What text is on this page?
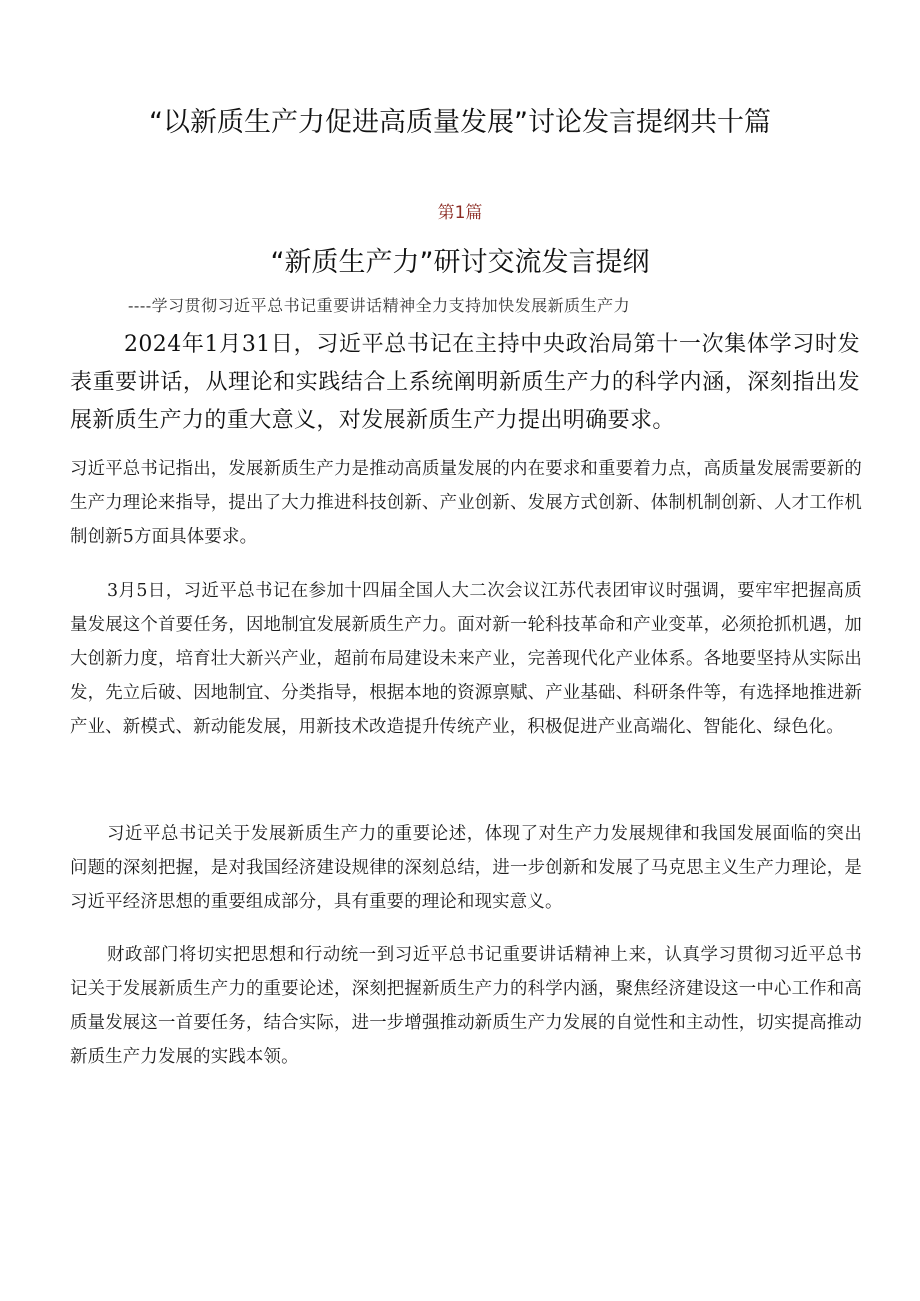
“以新质生产力促进高质量发展”讨论发言提纲共十篇
第1篇
“新质生产力”研讨交流发言提纲
----学习贯彻习近平总书记重要讲话精神全力支持加快发展新质生产力
2024年1月31日，习近平总书记在主持中央政治局第十一次集体学习时发表重要讲话，从理论和实践结合上系统阐明新质生产力的科学内涵，深刻指出发展新质生产力的重大意义，对发展新质生产力提出明确要求。
习近平总书记指出，发展新质生产力是推动高质量发展的内在要求和重要着力点，高质量发展需要新的生产力理论来指导，提出了大力推进科技创新、产业创新、发展方式创新、体制机制创新、人才工作机制创新5方面具体要求。
3月5日，习近平总书记在参加十四届全国人大二次会议江苏代表团审议时强调，要牢牢把握高质量发展这个首要任务，因地制宜发展新质生产力。面对新一轮科技革命和产业变革，必须抢抓机遇，加大创新力度，培育壮大新兴产业，超前布局建设未来产业，完善现代化产业体系。各地要坚持从实际出发，先立后破、因地制宜、分类指导，根据本地的资源禀赋、产业基础、科研条件等，有选择地推进新产业、新模式、新动能发展，用新技术改造提升传统产业，积极促进产业高端化、智能化、绿色化。
习近平总书记关于发展新质生产力的重要论述，体现了对生产力发展规律和我国发展面临的突出问题的深刻把握，是对我国经济建设规律的深刻总结，进一步创新和发展了马克思主义生产力理论，是习近平经济思想的重要组成部分，具有重要的理论和现实意义。
财政部门将切实把思想和行动统一到习近平总书记重要讲话精神上来，认真学习贯彻习近平总书记关于发展新质生产力的重要论述，深刻把握新质生产力的科学内涵，聚焦经济建设这一中心工作和高质量发展这一首要任务，结合实际，进一步增强推动新质生产力发展的自觉性和主动性，切实提高推动新质生产力发展的实践本领。
